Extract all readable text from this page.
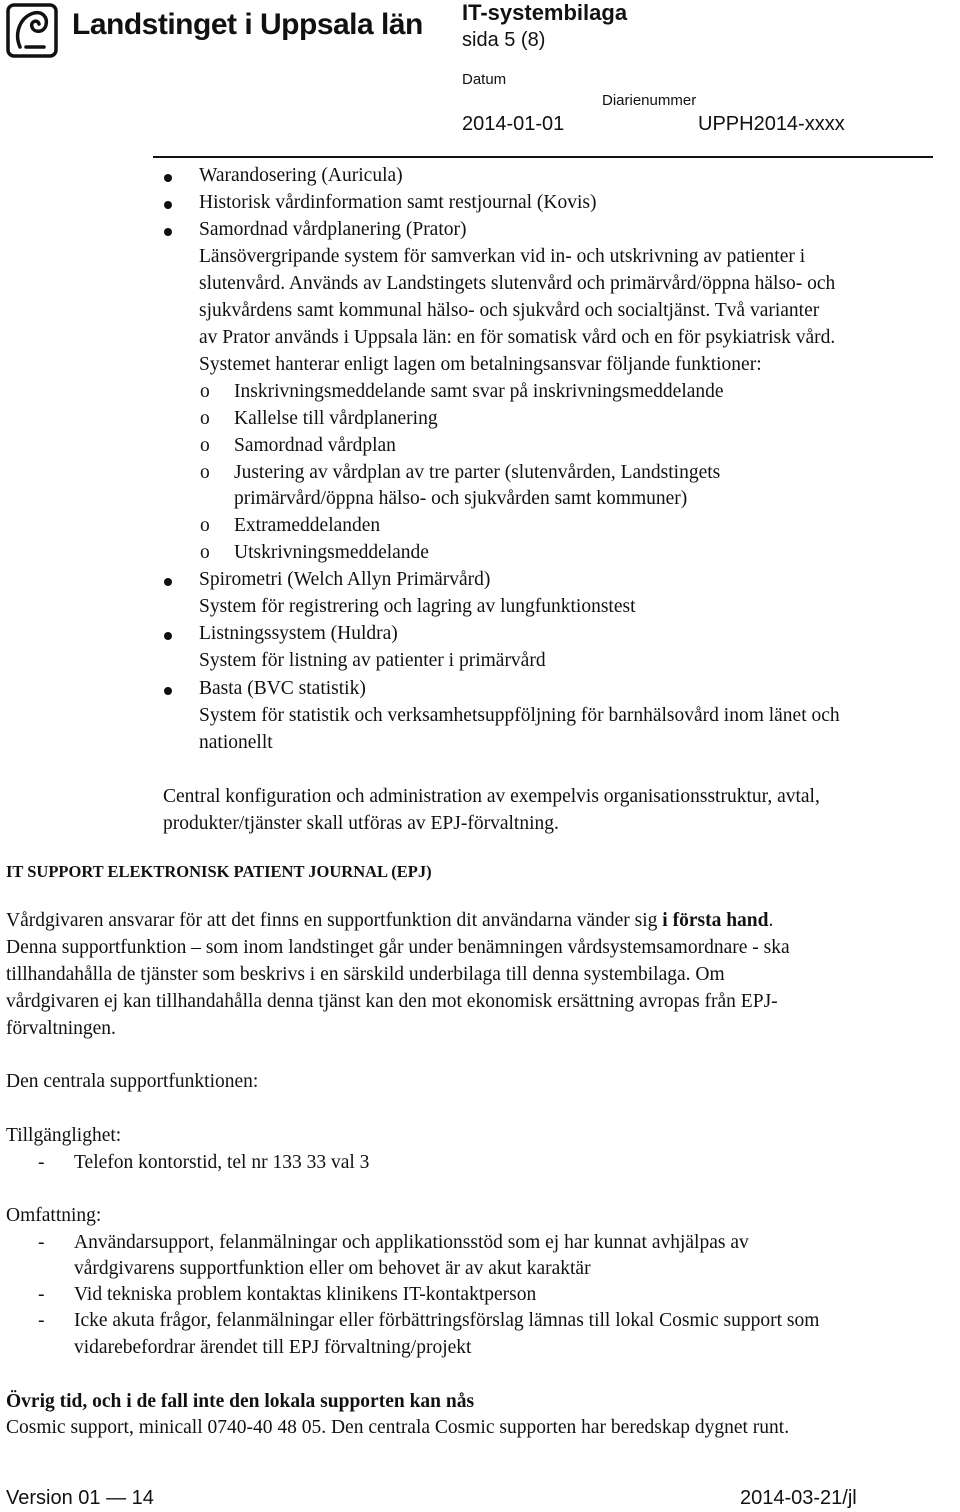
Landstinget i Uppsala län IT-systembilaga
sida 5 (8)
Datum
Diarienummer
2014-01-01	UPPH2014-xxxx
Warandosering (Auricula)
Historisk vårdinformation samt restjournal (Kovis)
Samordnad vårdplanering (Prator)
Länsövergripande system för samverkan vid in- och utskrivning av patienter i
slutenvård. Används av Landstingets slutenvård och primärvård/öppna hälso- och
sjukvårdens samt kommunal hälso- och sjukvård och socialtjänst. Två varianter
av Prator används i Uppsala län: en för somatisk vård och en för psykiatrisk vård.
Systemet hanterar enligt lagen om betalningsansvar följande funktioner:
o Inskrivningsmeddelande samt svar på inskrivningsmeddelande
o Kallelse till vårdplanering
o Samordnad vårdplan
o Justering av vårdplan av tre parter (slutenvården, Landstingets
primärvård/öppna hälso- och sjukvården samt kommuner)
o Extrameddelanden
o Utskrivningsmeddelande
Spirometri (Welch Allyn Primärvård)
System för registrering och lagring av lungfunktionstest
Listningssystem (Huldra)
System för listning av patienter i primärvård
Basta (BVC statistik)
System för statistik och verksamhetsuppföljning för barnhälsovård inom länet och
nationellt
Central konfiguration och administration av exempelvis organisationsstruktur, avtal,
produkter/tjänster skall utföras av EPJ-förvaltning.
IT SUPPORT ELEKTRONISK PATIENT JOURNAL (EPJ)
Vårdgivaren ansvarar för att det finns en supportfunktion dit användarna vänder sig i första hand.
Denna supportfunktion – som inom landstinget går under benämningen vårdsystemsamordnare - ska
tillhandahålla de tjänster som beskrivs i en särskild underbilaga till denna systembilaga. Om
vårdgivaren ej kan tillhandahålla denna tjänst kan den mot ekonomisk ersättning avropas från EPJ-
förvaltningen.
Den centrala supportfunktionen:
Tillgänglighet:
- Telefon kontorstid, tel nr 133 33 val 3
Omfattning:
- Användarsupport, felanmälningar och applikationsstöd som ej har kunnat avhjälpas av
vårdgivarens supportfunktion eller om behovet är av akut karaktär
- Vid tekniska problem kontaktas klinikens IT-kontaktperson
- Icke akuta frågor, felanmälningar eller förbättringsförslag lämnas till lokal Cosmic support som
vidarebefordrar ärendet till EPJ förvaltning/projekt
Övrig tid, och i de fall inte den lokala supporten kan nås
Cosmic support, minicall 0740-40 48 05. Den centrala Cosmic supporten har beredskap dygnet runt.
Version 01 — 14	2014-03-21/jl
